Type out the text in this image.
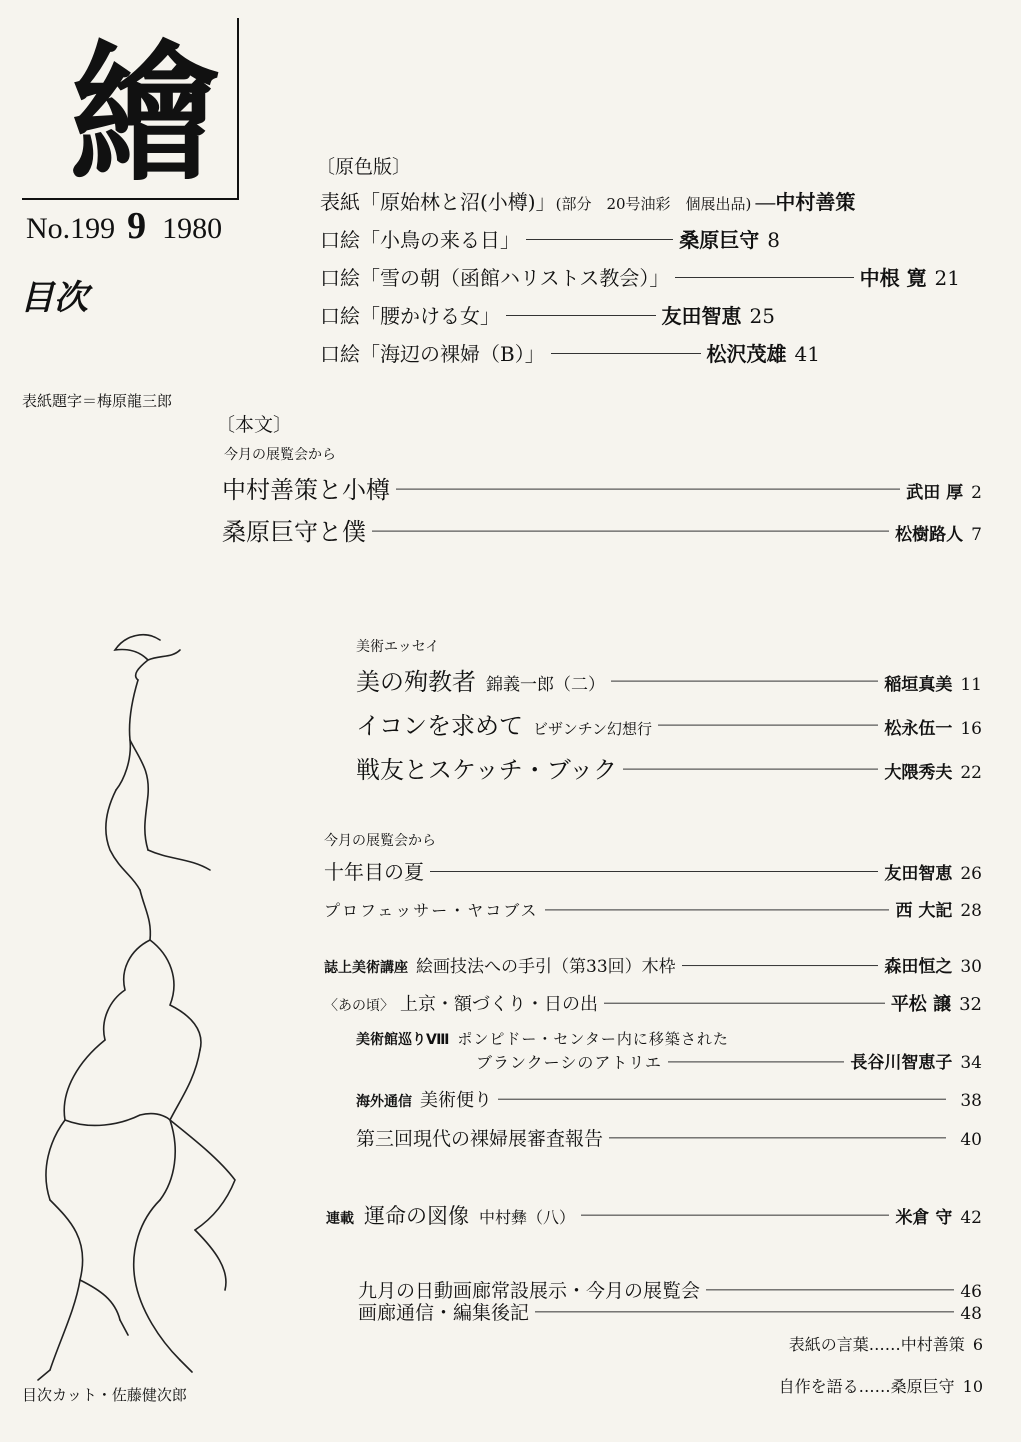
繪
No.199 9 1980
目次
表紙題字＝梅原龍三郎
目次カット・佐藤健次郎
〔原色版〕
表紙「原始林と沼(小樽)」 (部分　20号油彩　個展出品) ― 中村善策
口絵「小鳥の来る日」	桑原巨守 8
口絵「雪の朝（函館ハリストス教会）」	中根 寛 21
口絵「腰かける女」	友田智恵 25
口絵「海辺の裸婦（B）」	松沢茂雄 41
〔本文〕
今月の展覧会から
中村善策と小樽	武田 厚 2
桑原巨守と僕	松樹路人 7
美術エッセイ
美の殉教者 錦義一郎（二）	稲垣真美 11
イコンを求めて ビザンチン幻想行	松永伍一 16
戦友とスケッチ・ブック	大隈秀夫 22
今月の展覧会から
十年目の夏	友田智恵 26
プロフェッサー・ヤコブス	西 大記 28
誌上美術講座 絵画技法への手引（第33回）木枠	森田恒之 30
〈あの頃〉 上京・額づくり・日の出	平松 譲 32
美術館巡りⅧ ポンピドー・センター内に移築された
ブランクーシのアトリエ	長谷川智恵子 34
海外通信 美術便り	38
第三回現代の裸婦展審査報告	40
連載 運命の図像 中村彝（八）	米倉 守 42
九月の日動画廊常設展示・今月の展覧会	46
画廊通信・編集後記	48
表紙の言葉……中村善策 6
自作を語る……桑原巨守 10
